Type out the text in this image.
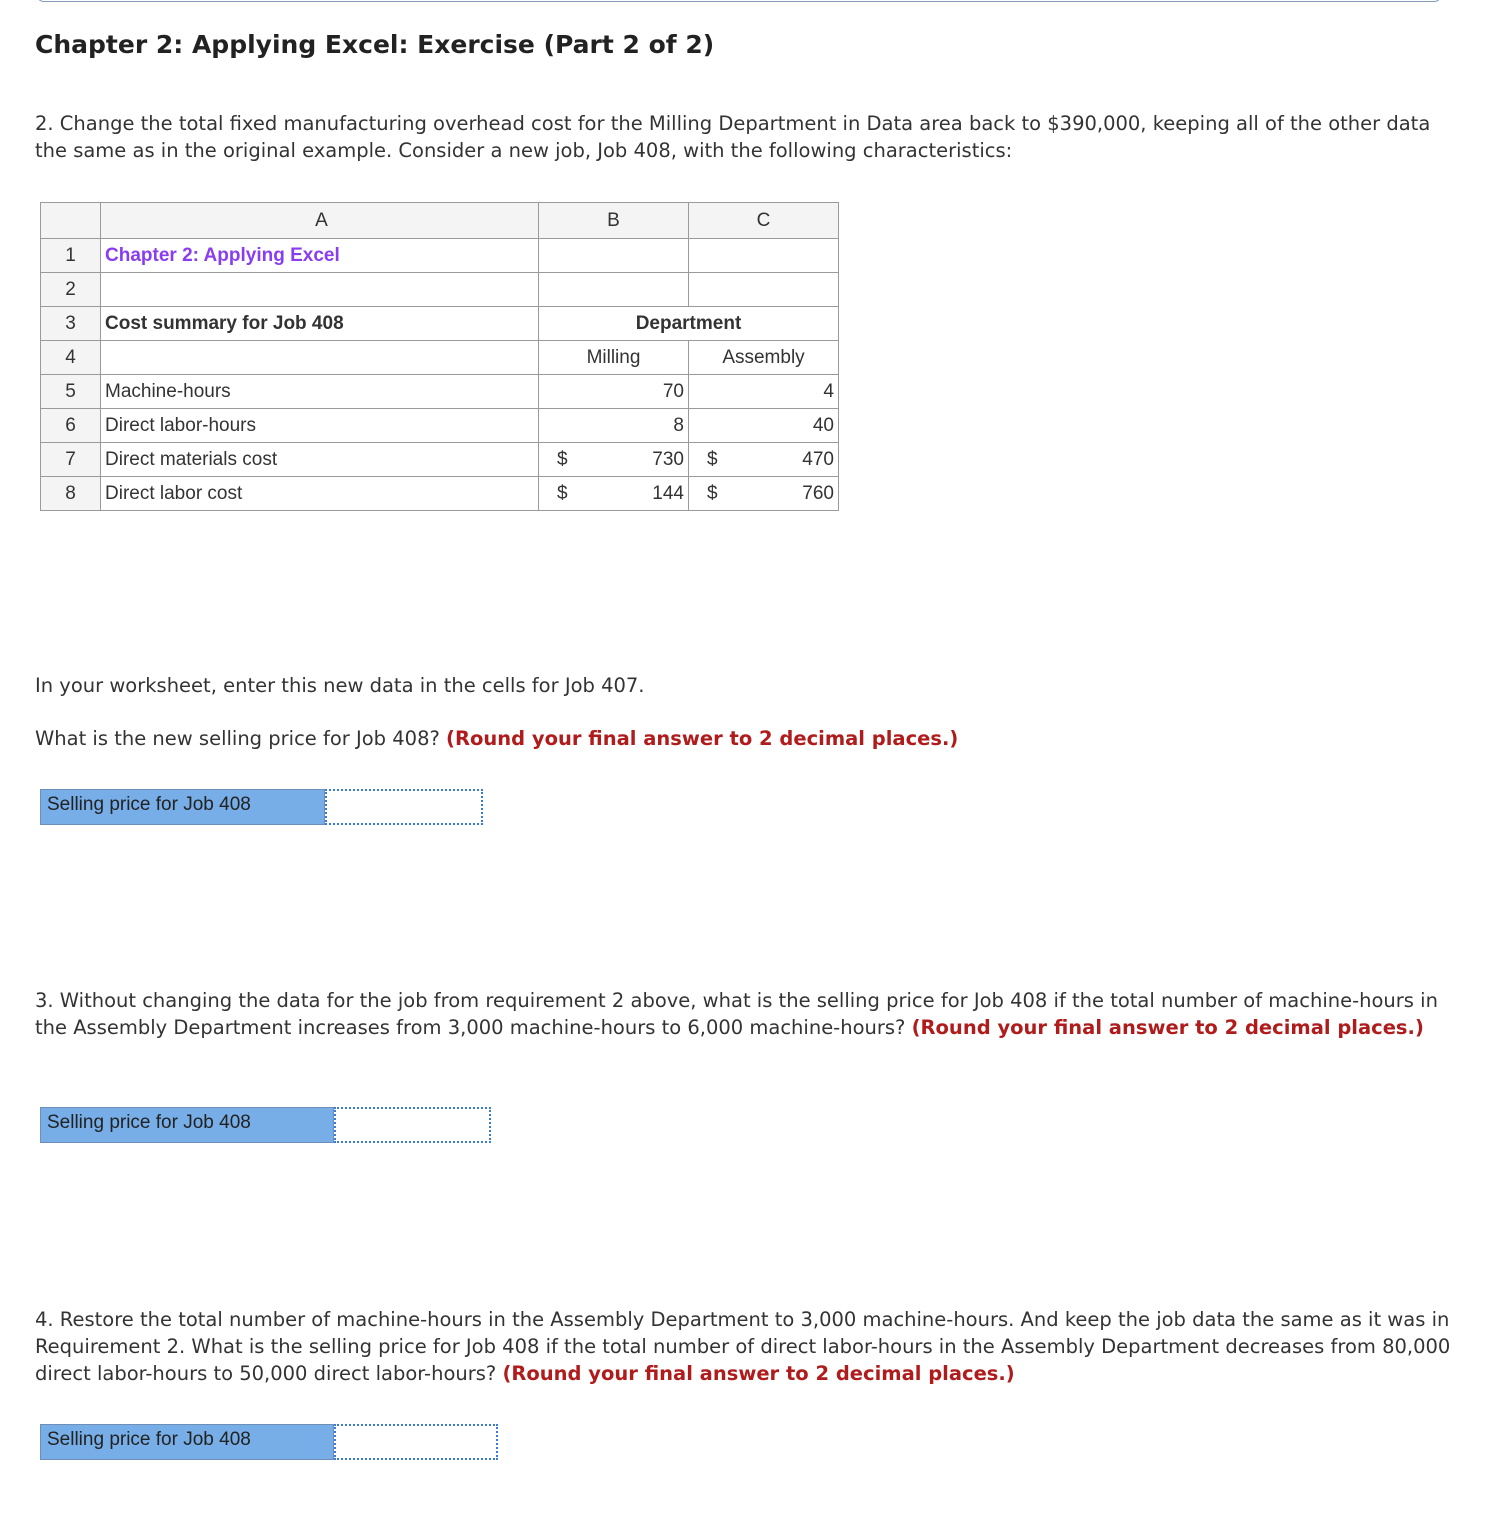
Chapter 2: Applying Excel: Exercise (Part 2 of 2)

2. Change the total fixed manufacturing overhead cost for the Milling Department in Data area back to $390,000, keeping all of the other data the same as in the original example. Consider a new job, Job 408, with the following characteristics:

	A	B	C
1	Chapter 2: Applying Excel		
2			
3	Cost summary for Job 408	Department	
4		Milling	Assembly
5	Machine-hours	70	4
6	Direct labor-hours	8	40
7	Direct materials cost	$ 730	$ 470

8	Direct labor cost	$ 144	$ 760

In your worksheet, enter this new data in the cells for Job 407.

What is the new selling price for Job 408? (Round your final answer to 2 decimal places.)

Selling price for Job 408

3. Without changing the data for the job from requirement 2 above, what is the selling price for Job 408 if the total number of machine-hours in the Assembly Department increases from 3,000 machine-hours to 6,000 machine-hours? (Round your final answer to 2 decimal places.)

Selling price for Job 408

4. Restore the total number of machine-hours in the Assembly Department to 3,000 machine-hours. And keep the job data the same as it was in Requirement 2. What is the selling price for Job 408 if the total number of direct labor-hours in the Assembly Department decreases from 80,000 direct labor-hours to 50,000 direct labor-hours? (Round your final answer to 2 decimal places.)

Selling price for Job 408
